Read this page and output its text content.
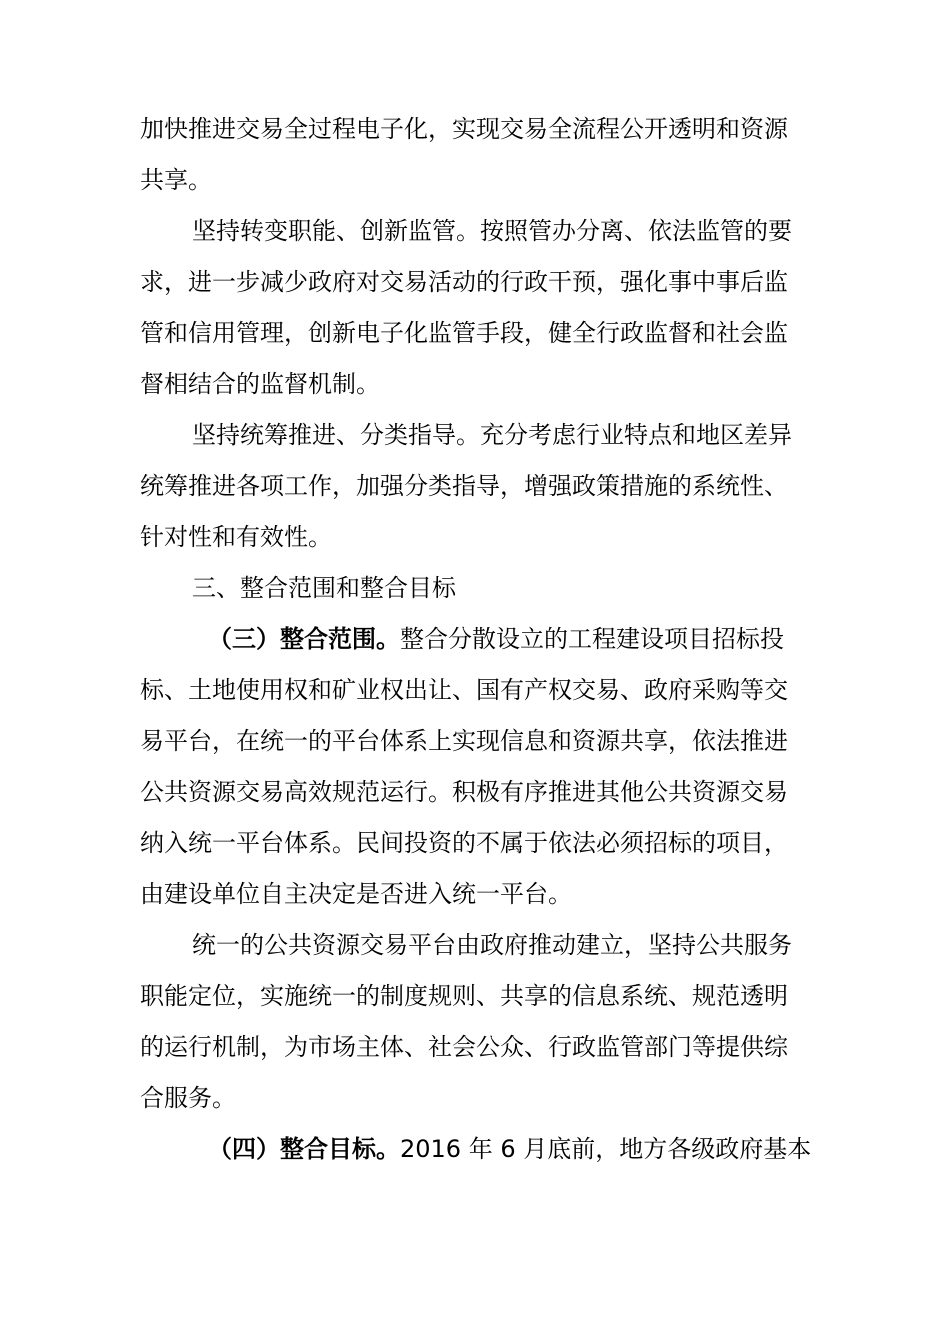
加快推进交易全过程电子化，实现交易全流程公开透明和资源
共享。
坚持转变职能、创新监管。按照管办分离、依法监管的要
求，进一步减少政府对交易活动的行政干预，强化事中事后监
管和信用管理，创新电子化监管手段，健全行政监督和社会监
督相结合的监督机制。
坚持统筹推进、分类指导。充分考虑行业特点和地区差异
统筹推进各项工作，加强分类指导，增强政策措施的系统性、
针对性和有效性。
三、整合范围和整合目标
（三）整合范围。整合分散设立的工程建设项目招标投
标、土地使用权和矿业权出让、国有产权交易、政府采购等交
易平台，在统一的平台体系上实现信息和资源共享，依法推进
公共资源交易高效规范运行。积极有序推进其他公共资源交易
纳入统一平台体系。民间投资的不属于依法必须招标的项目，
由建设单位自主决定是否进入统一平台。
统一的公共资源交易平台由政府推动建立，坚持公共服务
职能定位，实施统一的制度规则、共享的信息系统、规范透明
的运行机制，为市场主体、社会公众、行政监管部门等提供综
合服务。
（四）整合目标。2016 年 6 月底前，地方各级政府基本
